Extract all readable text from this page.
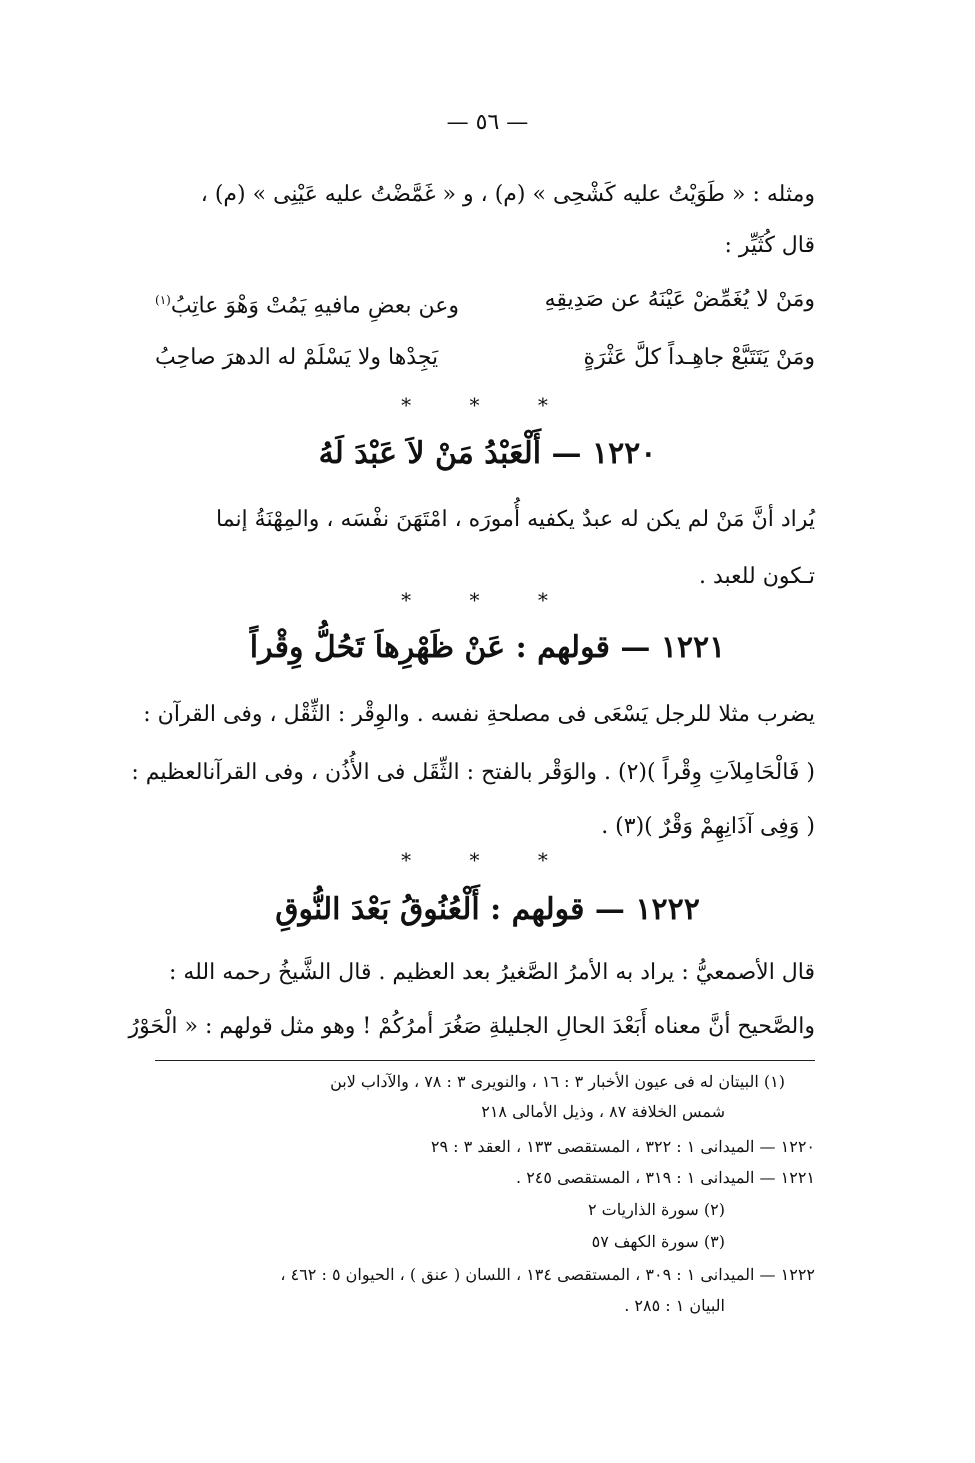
— ٥٦ —
ومثله : « طَوَيْتُ عليه كَشْحِى » (م) ، و « غَمَّضْتُ عليه عَيْنِى » (م) ،
قال كُثَيِّر :
ومَنْ لا يُغَمِّضْ عَيْنَهُ عن صَدِيقِهِ
وعن بعضِ مافيهِ يَمُتْ وَهْوَ عاتِبُ$^{(١)}$
ومَنْ يَتَتَبَّعْ جاهِـداً كلَّ عَثْرَةٍ
يَجِدْها ولا يَسْلَمْ له الدهرَ صاحِبُ
* * *
١٢٢٠ — أَلْعَبْدُ مَنْ لاَ عَبْدَ لَهُ
يُراد أنَّ مَنْ لم يكن له عبدٌ يكفيه أُمورَه ، امْتَهَنَ نفْسَه ، والمِهْنَةُ إنما
تـكون للعبد .
* * *
١٢٢١ — قولهم : عَنْ ظَهْرِهاَ تَحُلُّ وِقْراً
يضرب مثلا للرجل يَسْعَى فى مصلحةِ نفسه . والوِقْر : الثِّقْل ، وفى القرآن :
( فَالْحَامِلاَتِ وِقْراً )(٢) . والوَقْر بالفتح : الثِّقَل فى الأُذُن ، وفى القرآنالعظيم :
( وَفِى آذَانِهِمْ وَقْرٌ )(٣) .
* * *
١٢٢٢ — قولهم : أَلْعُنُوقُ بَعْدَ النُّوقِ
قال الأصمعيُّ : يراد به الأمرُ الصَّغيرُ بعد العظيم . قال الشَّيخُ رحمه الله :
والصَّحيح أنَّ معناه أَبَعْدَ الحالِ الجليلةِ صَغُرَ أمرُكُمْ ! وهو مثل قولهم : « الْحَوْرُ
(١) البيتان له فى عيون الأخبار ٣ : ١٦ ، والنويرى ٣ : ٧٨ ، والآداب لابن
شمس الخلافة ٨٧ ، وذيل الأمالى ٢١٨
١٢٢٠ — الميدانى ١ : ٣٢٢ ، المستقصى ١٣٣ ، العقد ٣ : ٢٩
١٢٢١ — الميدانى ١ : ٣١٩ ، المستقصى ٢٤٥ .
(٢) سورة الذاريات ٢
(٣) سورة الكهف ٥٧
١٢٢٢ — الميدانى ١ : ٣٠٩ ، المستقصى ١٣٤ ، اللسان ( عنق ) ، الحيوان ٥ : ٤٦٢ ،
البيان ١ : ٢٨٥ .
